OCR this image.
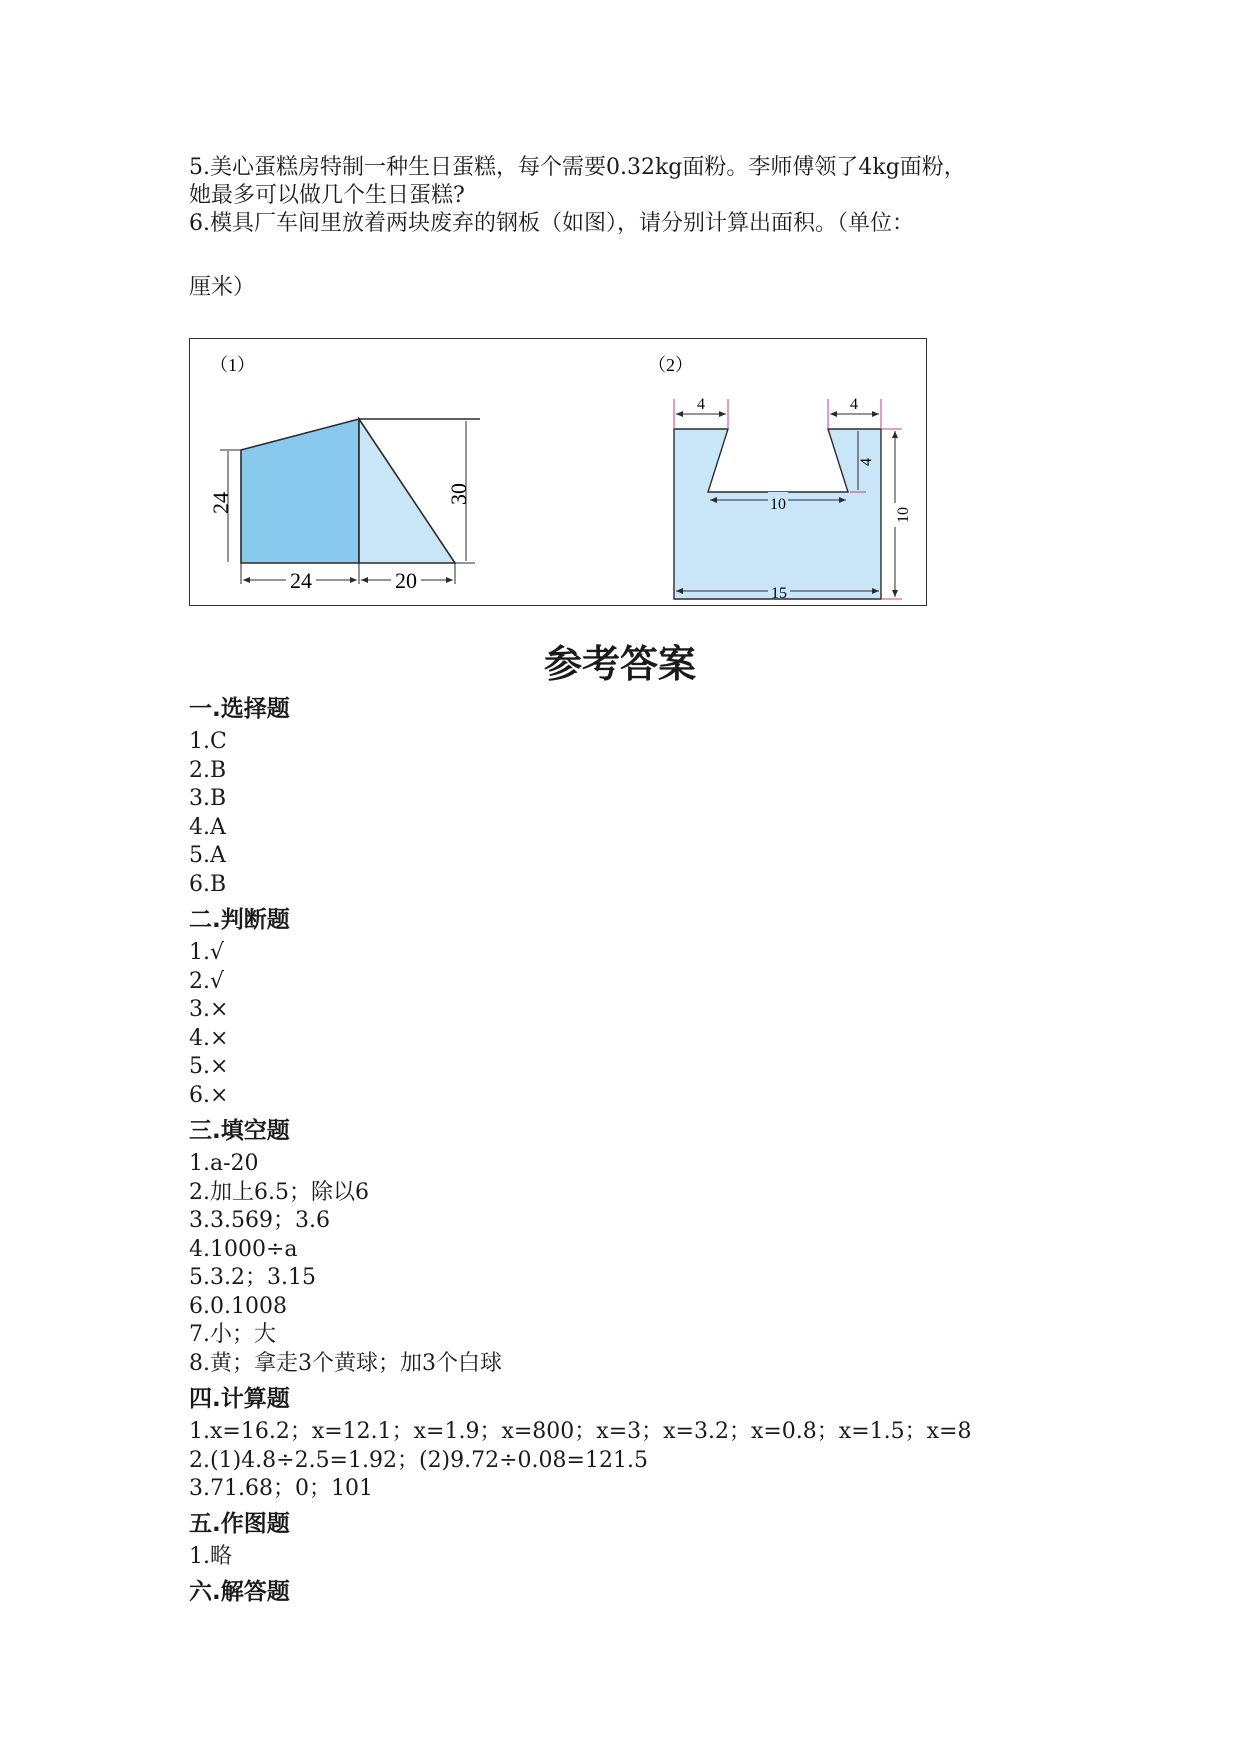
5.美心蛋糕房特制一种生日蛋糕，每个需要0.32kg面粉。李师傅领了4kg面粉，
她最多可以做几个生日蛋糕?
6.模具厂车间里放着两块废弃的钢板（如图），请分别计算出面积。（单位：
厘米）
（1）
24	30
24	20
（2）
4	4
4
10
10
15
参考答案
一.选择题
1.C
2.B
3.B
4.A
5.A
6.B
二.判断题
1.√
2.√
3.×
4.×
5.×
6.×
三.填空题
1.a-20
2.加上6.5；除以6
3.3.569；3.6
4.1000÷a
5.3.2；3.15
6.0.1008
7.小；大
8.黄；拿走3个黄球；加3个白球
四.计算题
1.x=16.2；x=12.1；x=1.9；x=800；x=3；x=3.2；x=0.8；x=1.5；x=8
2.(1)4.8÷2.5=1.92；(2)9.72÷0.08=121.5
3.71.68；0；101
五.作图题
1.略
六.解答题
